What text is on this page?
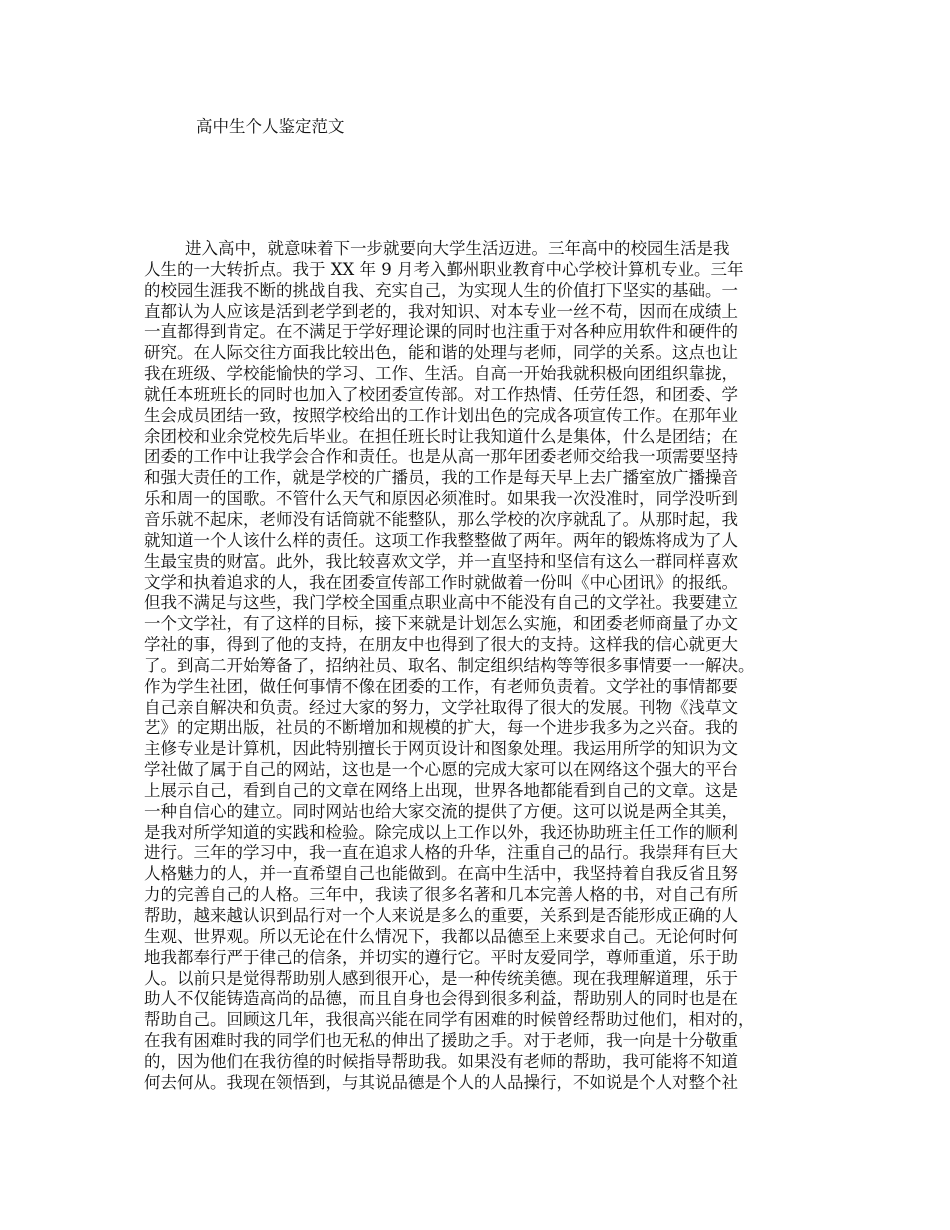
高中生个人鉴定范文
进入高中，就意味着下一步就要向大学生活迈进。三年高中的校园生活是我
人生的一大转折点。我于 XX 年 9 月考入鄞州职业教育中心学校计算机专业。三年
的校园生涯我不断的挑战自我、充实自己，为实现人生的价值打下坚实的基础。一
直都认为人应该是活到老学到老的，我对知识、对本专业一丝不苟，因而在成绩上
一直都得到肯定。在不满足于学好理论课的同时也注重于对各种应用软件和硬件的
研究。在人际交往方面我比较出色，能和谐的处理与老师，同学的关系。这点也让
我在班级、学校能愉快的学习、工作、生活。自高一开始我就积极向团组织靠拢，
就任本班班长的同时也加入了校团委宣传部。对工作热情、任劳任怨，和团委、学
生会成员团结一致，按照学校给出的工作计划出色的完成各项宣传工作。在那年业
余团校和业余党校先后毕业。在担任班长时让我知道什么是集体，什么是团结；在
团委的工作中让我学会合作和责任。也是从高一那年团委老师交给我一项需要坚持
和强大责任的工作，就是学校的广播员，我的工作是每天早上去广播室放广播操音
乐和周一的国歌。不管什么天气和原因必须准时。如果我一次没准时，同学没听到
音乐就不起床，老师没有话筒就不能整队，那么学校的次序就乱了。从那时起，我
就知道一个人该什么样的责任。这项工作我整整做了两年。两年的锻炼将成为了人
生最宝贵的财富。此外，我比较喜欢文学，并一直坚持和坚信有这么一群同样喜欢
文学和执着追求的人，我在团委宣传部工作时就做着一份叫《中心团讯》的报纸。
但我不满足与这些，我门学校全国重点职业高中不能没有自己的文学社。我要建立
一个文学社，有了这样的目标，接下来就是计划怎么实施，和团委老师商量了办文
学社的事，得到了他的支持，在朋友中也得到了很大的支持。这样我的信心就更大
了。到高二开始筹备了，招纳社员、取名、制定组织结构等等很多事情要一一解决。
作为学生社团，做任何事情不像在团委的工作，有老师负责着。文学社的事情都要
自己亲自解决和负责。经过大家的努力，文学社取得了很大的发展。刊物《浅草文
艺》的定期出版，社员的不断增加和规模的扩大，每一个进步我多为之兴奋。我的
主修专业是计算机，因此特别擅长于网页设计和图象处理。我运用所学的知识为文
学社做了属于自己的网站，这也是一个心愿的完成大家可以在网络这个强大的平台
上展示自己，看到自己的文章在网络上出现，世界各地都能看到自己的文章。这是
一种自信心的建立。同时网站也给大家交流的提供了方便。这可以说是两全其美，
是我对所学知道的实践和检验。除完成以上工作以外，我还协助班主任工作的顺利
进行。三年的学习中，我一直在追求人格的升华，注重自己的品行。我崇拜有巨大
人格魅力的人，并一直希望自己也能做到。在高中生活中，我坚持着自我反省且努
力的完善自己的人格。三年中，我读了很多名著和几本完善人格的书，对自己有所
帮助，越来越认识到品行对一个人来说是多么的重要，关系到是否能形成正确的人
生观、世界观。所以无论在什么情况下，我都以品德至上来要求自己。无论何时何
地我都奉行严于律己的信条，并切实的遵行它。平时友爱同学，尊师重道，乐于助
人。以前只是觉得帮助别人感到很开心，是一种传统美德。现在我理解道理，乐于
助人不仅能铸造高尚的品德，而且自身也会得到很多利益，帮助别人的同时也是在
帮助自己。回顾这几年，我很高兴能在同学有困难的时候曾经帮助过他们，相对的，
在我有困难时我的同学们也无私的伸出了援助之手。对于老师，我一向是十分敬重
的，因为他们在我彷徨的时候指导帮助我。如果没有老师的帮助，我可能将不知道
何去何从。我现在领悟到，与其说品德是个人的人品操行，不如说是个人对整个社
